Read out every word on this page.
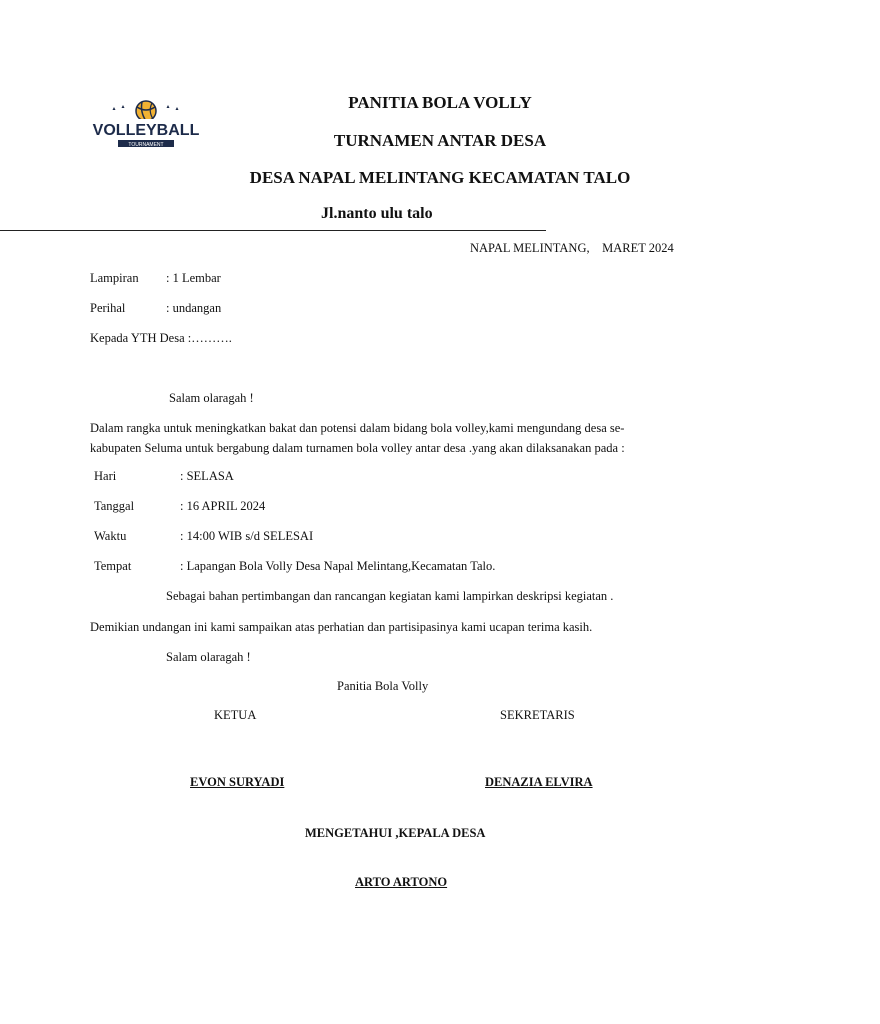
VOLLEYBALL
TOURNAMENT
PANITIA BOLA VOLLY
TURNAMEN ANTAR DESA
DESA NAPAL MELINTANG KECAMATAN TALO
Jl.nanto ulu talo
NAPAL MELINTANG,    MARET 2024
Lampiran : 1 Lembar
Perihal	: undangan
Kepada YTH Desa :……….
Salam olaragah !
Dalam rangka untuk meningkatkan bakat dan potensi dalam bidang bola volley,kami mengundang desa se-kabupaten Seluma untuk bergabung dalam turnamen bola volley antar desa .yang akan dilaksanakan pada :
Hari	: SELASA
Tanggal	: 16 APRIL 2024
Waktu	: 14:00 WIB s/d SELESAI
Tempat	: Lapangan Bola Volly Desa Napal Melintang,Kecamatan Talo.
Sebagai bahan pertimbangan dan rancangan kegiatan kami lampirkan deskripsi kegiatan .
Demikian undangan ini kami sampaikan atas perhatian dan partisipasinya kami ucapan terima kasih.
Salam olaragah !
Panitia Bola Volly
KETUA	SEKRETARIS
EVON SURYADI	DENAZIA ELVIRA
MENGETAHUI ,KEPALA DESA
ARTO ARTONO
